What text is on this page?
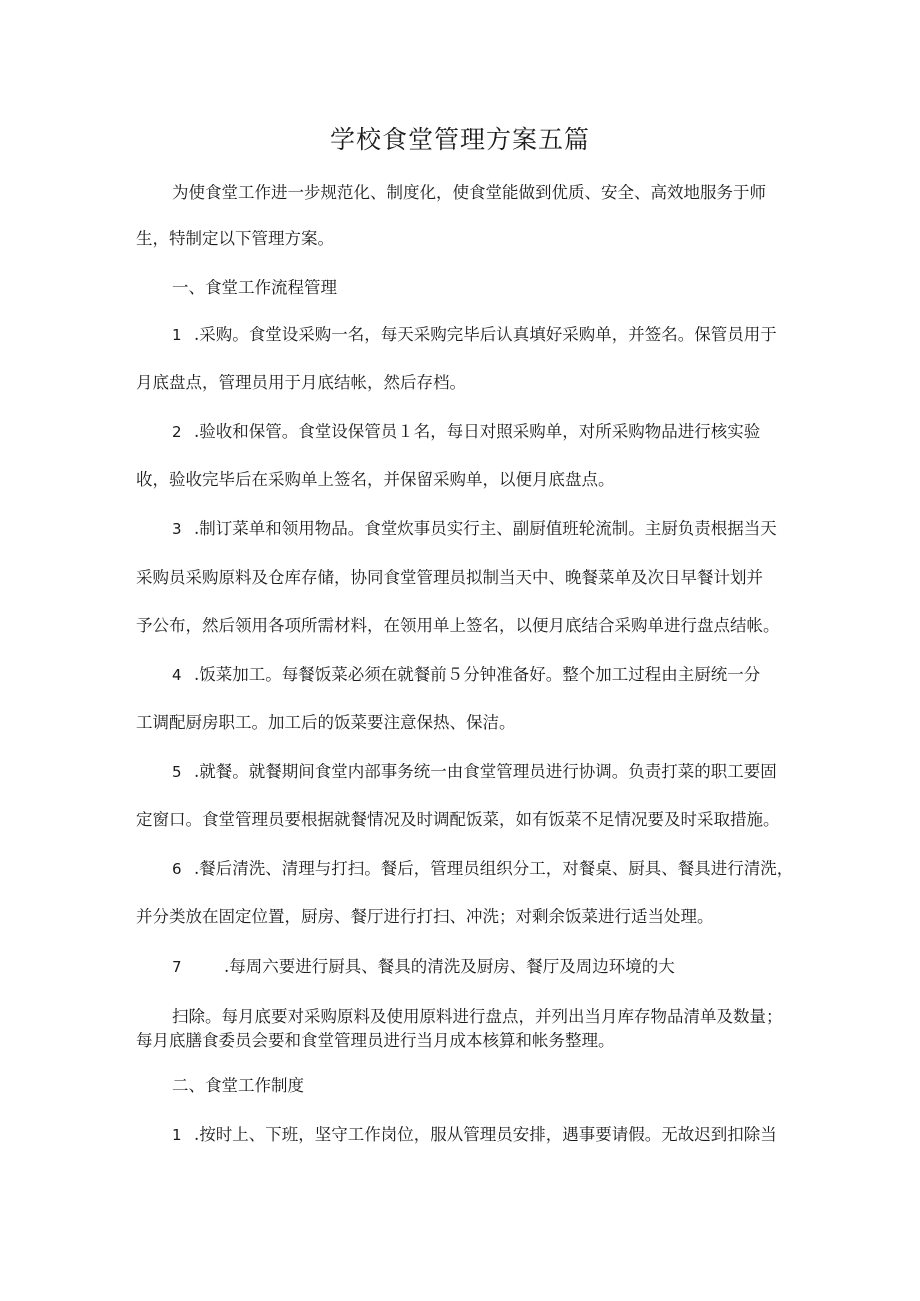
学校食堂管理方案五篇
为使食堂工作进一步规范化、制度化，使食堂能做到优质、安全、高效地服务于师
生，特制定以下管理方案。
一、食堂工作流程管理
1 .采购。食堂设采购一名，每天采购完毕后认真填好采购单，并签名。保管员用于
月底盘点，管理员用于月底结帐，然后存档。
2 .验收和保管。食堂设保管员１名，每日对照采购单，对所采购物品进行核实验
收，验收完毕后在采购单上签名，并保留采购单，以便月底盘点。
3 .制订菜单和领用物品。食堂炊事员实行主、副厨值班轮流制。主厨负责根据当天
采购员采购原料及仓库存储，协同食堂管理员拟制当天中、晚餐菜单及次日早餐计划并
予公布，然后领用各项所需材料，在领用单上签名，以便月底结合采购单进行盘点结帐。
4 .饭菜加工。每餐饭菜必须在就餐前５分钟准备好。整个加工过程由主厨统一分
工调配厨房职工。加工后的饭菜要注意保热、保洁。
5 .就餐。就餐期间食堂内部事务统一由食堂管理员进行协调。负责打菜的职工要固
定窗口。食堂管理员要根据就餐情况及时调配饭菜，如有饭菜不足情况要及时采取措施。
6 .餐后清洗、清理与打扫。餐后，管理员组织分工，对餐桌、厨具、餐具进行清洗，
并分类放在固定位置，厨房、餐厅进行打扫、冲洗；对剩余饭菜进行适当处理。
7	.每周六要进行厨具、餐具的清洗及厨房、餐厅及周边环境的大
扫除。每月底要对采购原料及使用原料进行盘点，并列出当月库存物品清单及数量；
每月底膳食委员会要和食堂管理员进行当月成本核算和帐务整理。
二、食堂工作制度
1 .按时上、下班，坚守工作岗位，服从管理员安排，遇事要请假。无故迟到扣除当
